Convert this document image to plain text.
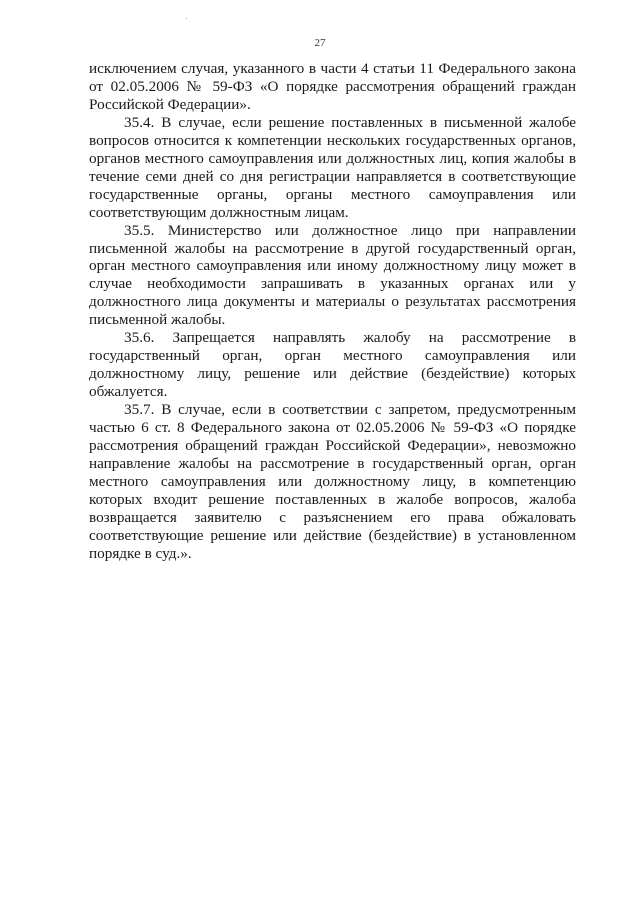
27

исключением случая, указанного в части 4 статьи 11 Федерального закона от 02.05.2006 № 59-ФЗ «О порядке рассмотрения обращений граждан Российской Федерации».

35.4. В случае, если решение поставленных в письменной жалобе вопросов относится к компетенции нескольких государственных органов, органов местного самоуправления или должностных лиц, копия жалобы в течение семи дней со дня регистрации направляется в соответствующие государственные органы, органы местного самоуправления или соответствующим должностным лицам.

35.5. Министерство или должностное лицо при направлении письменной жалобы на рассмотрение в другой государственный орган, орган местного самоуправления или иному должностному лицу может в случае необходимости запрашивать в указанных органах или у должностного лица документы и материалы о результатах рассмотрения письменной жалобы.

35.6. Запрещается направлять жалобу на рассмотрение в государственный орган, орган местного самоуправления или должностному лицу, решение или действие (бездействие) которых обжалуется.

35.7. В случае, если в соответствии с запретом, предусмотренным частью 6 ст. 8 Федерального закона от 02.05.2006 № 59-ФЗ «О порядке рассмотрения обращений граждан Российской Федерации», невозможно направление жалобы на рассмотрение в государственный орган, орган местного самоуправления или должностному лицу, в компетенцию которых входит решение поставленных в жалобе вопросов, жалоба возвращается заявителю с разъяснением его права обжаловать соответствующие решение или действие (бездействие) в установленном порядке в суд.».
